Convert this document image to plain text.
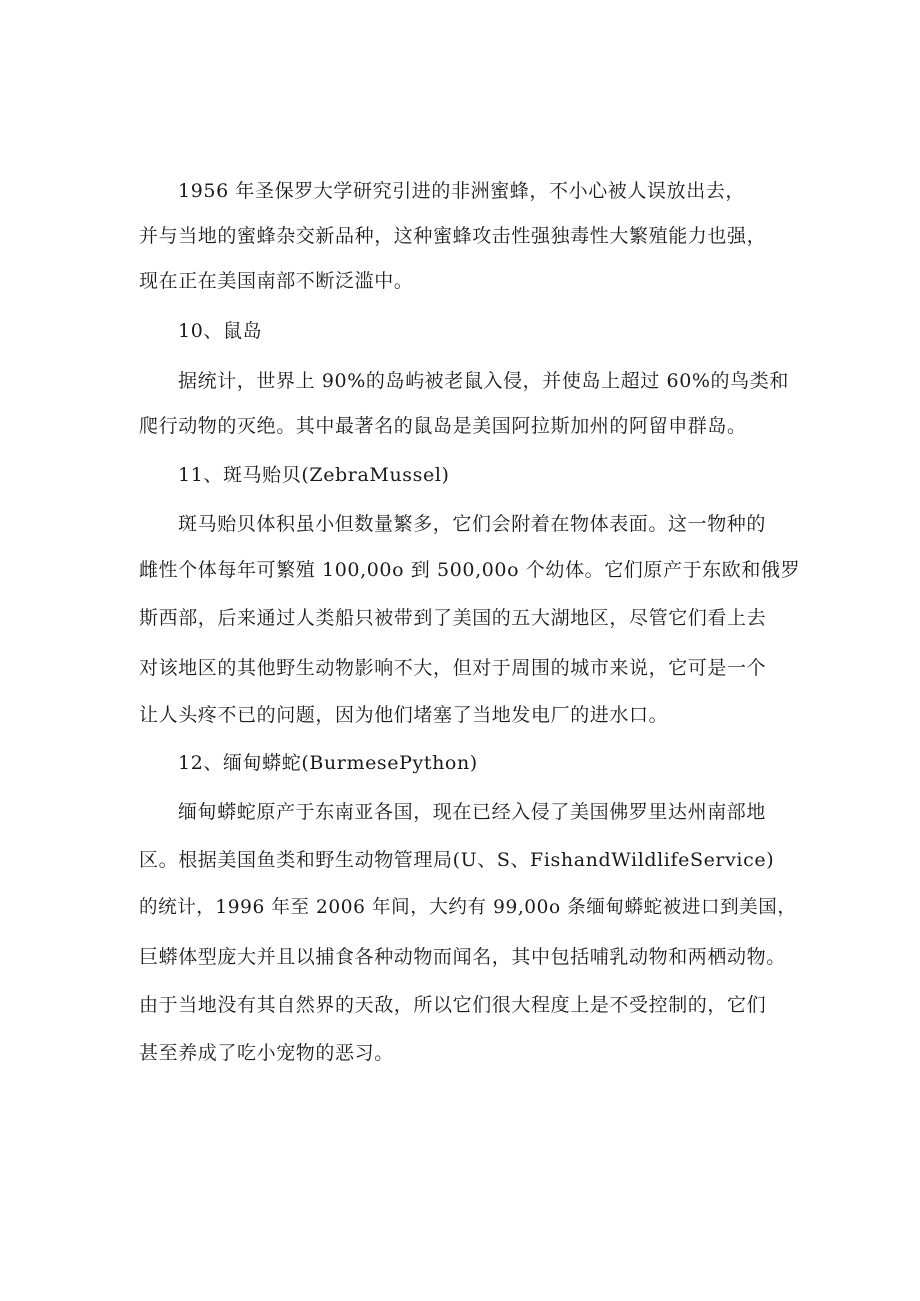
1956 年圣保罗大学研究引进的非洲蜜蜂，不小心被人误放出去，
并与当地的蜜蜂杂交新品种，这种蜜蜂攻击性强独毒性大繁殖能力也强，
现在正在美国南部不断泛滥中。
10、鼠岛
据统计，世界上 90%的岛屿被老鼠入侵，并使岛上超过 60%的鸟类和
爬行动物的灭绝。其中最著名的鼠岛是美国阿拉斯加州的阿留申群岛。
11、斑马贻贝(ZebraMussel)
斑马贻贝体积虽小但数量繁多，它们会附着在物体表面。这一物种的
雌性个体每年可繁殖 100,00o 到 500,00o 个幼体。它们原产于东欧和俄罗
斯西部，后来通过人类船只被带到了美国的五大湖地区，尽管它们看上去
对该地区的其他野生动物影响不大，但对于周围的城市来说，它可是一个
让人头疼不已的问题，因为他们堵塞了当地发电厂的进水口。
12、缅甸蟒蛇(BurmesePython)
缅甸蟒蛇原产于东南亚各国，现在已经入侵了美国佛罗里达州南部地
区。根据美国鱼类和野生动物管理局(U、S、FishandWildlifeService)
的统计，1996 年至 2006 年间，大约有 99,00o 条缅甸蟒蛇被进口到美国，
巨蟒体型庞大并且以捕食各种动物而闻名，其中包括哺乳动物和两栖动物。
由于当地没有其自然界的天敌，所以它们很大程度上是不受控制的，它们
甚至养成了吃小宠物的恶习。
